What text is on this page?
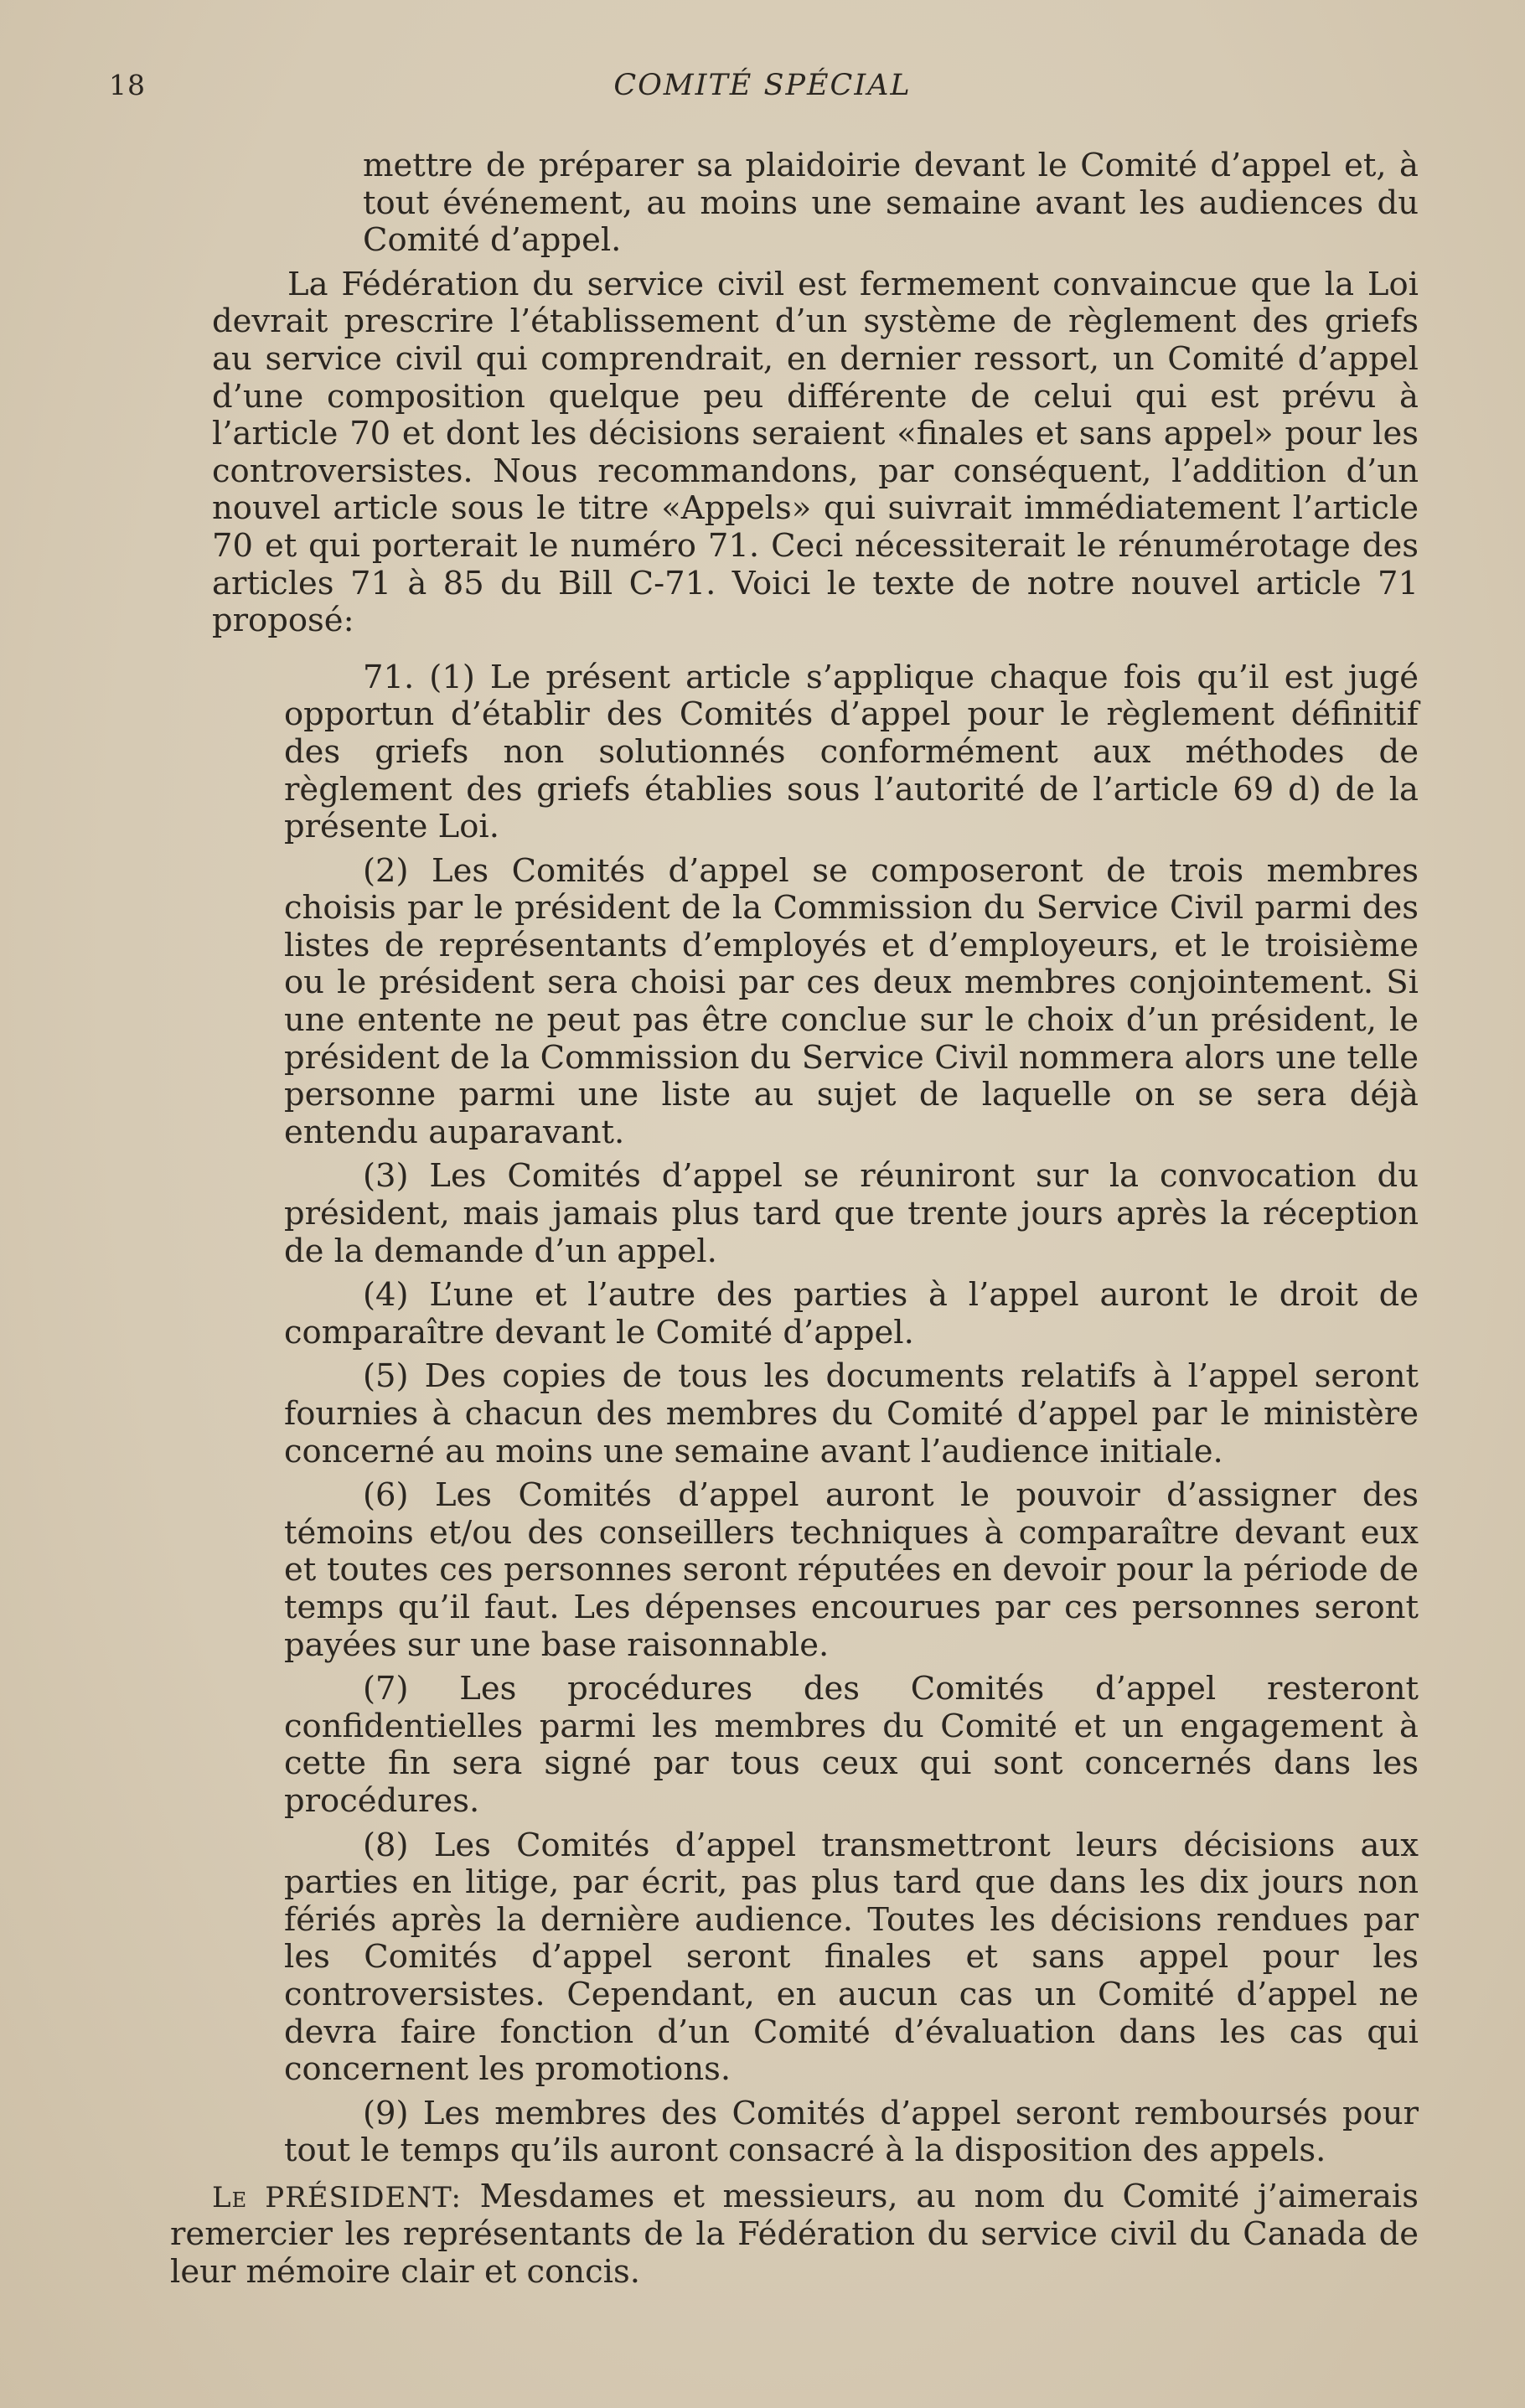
18	COMITÉ SPÉCIAL

mettre de préparer sa plaidoirie devant le Comité d’appel et, à tout événement, au moins une semaine avant les audiences du Comité d’appel.

La Fédération du service civil est fermement convaincue que la Loi devrait prescrire l’établissement d’un système de règlement des griefs au service civil qui comprendrait, en dernier ressort, un Comité d’appel d’une composition quelque peu différente de celui qui est prévu à l’article 70 et dont les décisions seraient «finales et sans appel» pour les controversistes. Nous recommandons, par conséquent, l’addition d’un nouvel article sous le titre «Appels» qui suivrait immédiatement l’article 70 et qui porterait le numéro 71. Ceci nécessiterait le rénumérotage des articles 71 à 85 du Bill C-71. Voici le texte de notre nouvel article 71 proposé:

71. (1) Le présent article s’applique chaque fois qu’il est jugé opportun d’établir des Comités d’appel pour le règlement définitif des griefs non solutionnés conformément aux méthodes de règlement des griefs établies sous l’autorité de l’article 69 d) de la présente Loi.

(2) Les Comités d’appel se composeront de trois membres choisis par le président de la Commission du Service Civil parmi des listes de représentants d’employés et d’employeurs, et le troisième ou le président sera choisi par ces deux membres conjointement. Si une entente ne peut pas être conclue sur le choix d’un président, le président de la Commission du Service Civil nommera alors une telle personne parmi une liste au sujet de laquelle on se sera déjà entendu auparavant.

(3) Les Comités d’appel se réuniront sur la convocation du président, mais jamais plus tard que trente jours après la réception de la demande d’un appel.

(4) L’une et l’autre des parties à l’appel auront le droit de comparaître devant le Comité d’appel.

(5) Des copies de tous les documents relatifs à l’appel seront fournies à chacun des membres du Comité d’appel par le ministère concerné au moins une semaine avant l’audience initiale.

(6) Les Comités d’appel auront le pouvoir d’assigner des témoins et/ou des conseillers techniques à comparaître devant eux et toutes ces personnes seront réputées en devoir pour la période de temps qu’il faut. Les dépenses encourues par ces personnes seront payées sur une base raisonnable.

(7) Les procédures des Comités d’appel resteront confidentielles parmi les membres du Comité et un engagement à cette fin sera signé par tous ceux qui sont concernés dans les procédures.

(8) Les Comités d’appel transmettront leurs décisions aux parties en litige, par écrit, pas plus tard que dans les dix jours non fériés après la dernière audience. Toutes les décisions rendues par les Comités d’appel seront finales et sans appel pour les controversistes. Cependant, en aucun cas un Comité d’appel ne devra faire fonction d’un Comité d’évaluation dans les cas qui concernent les promotions.

(9) Les membres des Comités d’appel seront remboursés pour tout le temps qu’ils auront consacré à la disposition des appels.

Le PRÉSIDENT: Mesdames et messieurs, au nom du Comité j’aimerais remercier les représentants de la Fédération du service civil du Canada de leur mémoire clair et concis.
